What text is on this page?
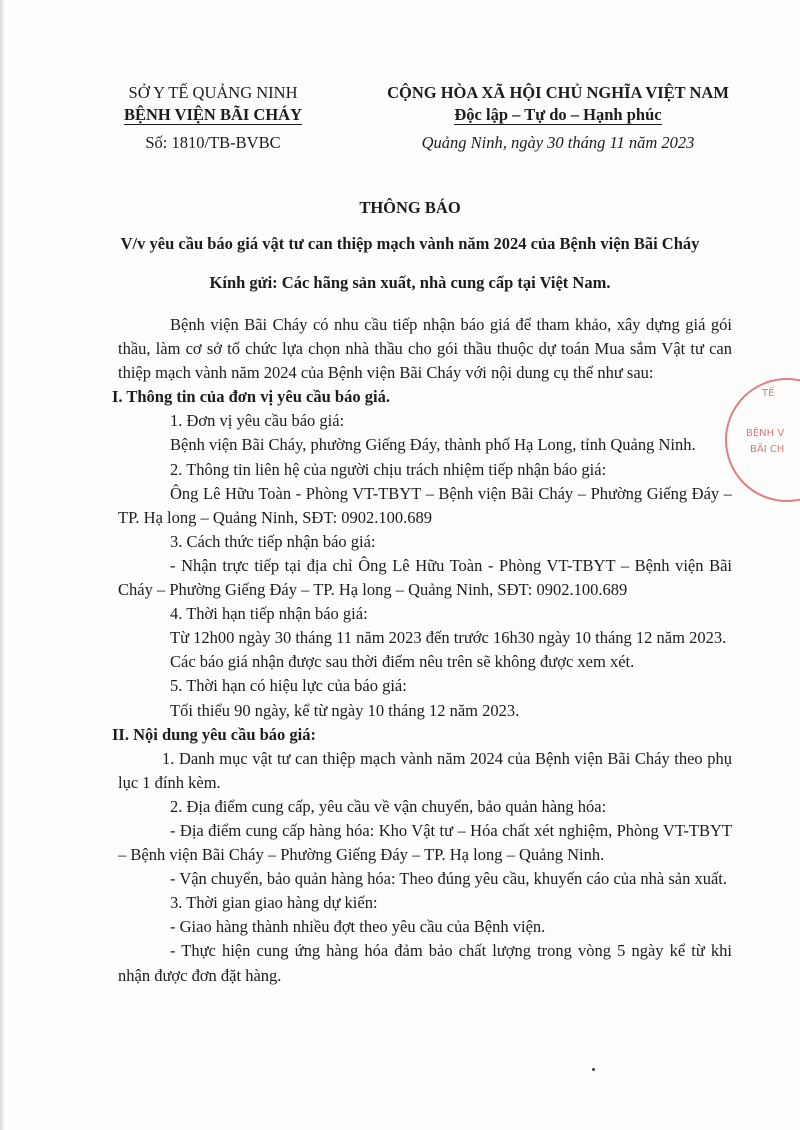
SỞ Y TẾ QUẢNG NINH
BỆNH VIỆN BÃI CHÁY
Số: 1810/TB-BVBC
CỘNG HÒA XÃ HỘI CHỦ NGHĨA VIỆT NAM
Độc lập – Tự do – Hạnh phúc
Quảng Ninh, ngày 30 tháng 11 năm 2023
THÔNG BÁO
V/v yêu cầu báo giá vật tư can thiệp mạch vành năm 2024 của Bệnh viện Bãi Cháy
Kính gửi: Các hãng sản xuất, nhà cung cấp tại Việt Nam.

Bệnh viện Bãi Cháy có nhu cầu tiếp nhận báo giá để tham khảo, xây dựng giá gói thầu, làm cơ sở tổ chức lựa chọn nhà thầu cho gói thầu thuộc dự toán Mua sắm Vật tư can thiệp mạch vành năm 2024 của Bệnh viện Bãi Cháy với nội dung cụ thể như sau:

I. Thông tin của đơn vị yêu cầu báo giá.

1. Đơn vị yêu cầu báo giá:

Bệnh viện Bãi Cháy, phường Giếng Đáy, thành phố Hạ Long, tỉnh Quảng Ninh.

2. Thông tin liên hệ của người chịu trách nhiệm tiếp nhận báo giá:

Ông Lê Hữu Toàn - Phòng VT-TBYT – Bệnh viện Bãi Cháy – Phường Giếng Đáy – TP. Hạ long – Quảng Ninh, SĐT: 0902.100.689

3. Cách thức tiếp nhận báo giá:

- Nhận trực tiếp tại địa chỉ Ông Lê Hữu Toàn - Phòng VT-TBYT – Bệnh viện Bãi Cháy – Phường Giếng Đáy – TP. Hạ long – Quảng Ninh, SĐT: 0902.100.689

4. Thời hạn tiếp nhận báo giá:

Từ 12h00 ngày 30 tháng 11 năm 2023 đến trước 16h30 ngày 10 tháng 12 năm 2023.

Các báo giá nhận được sau thời điểm nêu trên sẽ không được xem xét.

5. Thời hạn có hiệu lực của báo giá:

Tối thiểu 90 ngày, kể từ ngày 10 tháng 12 năm 2023.

II. Nội dung yêu cầu báo giá:

1. Danh mục vật tư can thiệp mạch vành năm 2024 của Bệnh viện Bãi Cháy theo phụ lục 1 đính kèm.

2. Địa điểm cung cấp, yêu cầu về vận chuyển, bảo quản hàng hóa:

- Địa điểm cung cấp hàng hóa: Kho Vật tư – Hóa chất xét nghiệm, Phòng VT-TBYT – Bệnh viện Bãi Cháy – Phường Giếng Đáy – TP. Hạ long – Quảng Ninh.

- Vận chuyển, bảo quản hàng hóa: Theo đúng yêu cầu, khuyến cáo của nhà sản xuất.

3. Thời gian giao hàng dự kiến:

- Giao hàng thành nhiều đợt theo yêu cầu của Bệnh viện.

- Thực hiện cung ứng hàng hóa đảm bảo chất lượng trong vòng 5 ngày kể từ khi nhận được đơn đặt hàng.

TẾ
BỆNH V
BÃI CH
